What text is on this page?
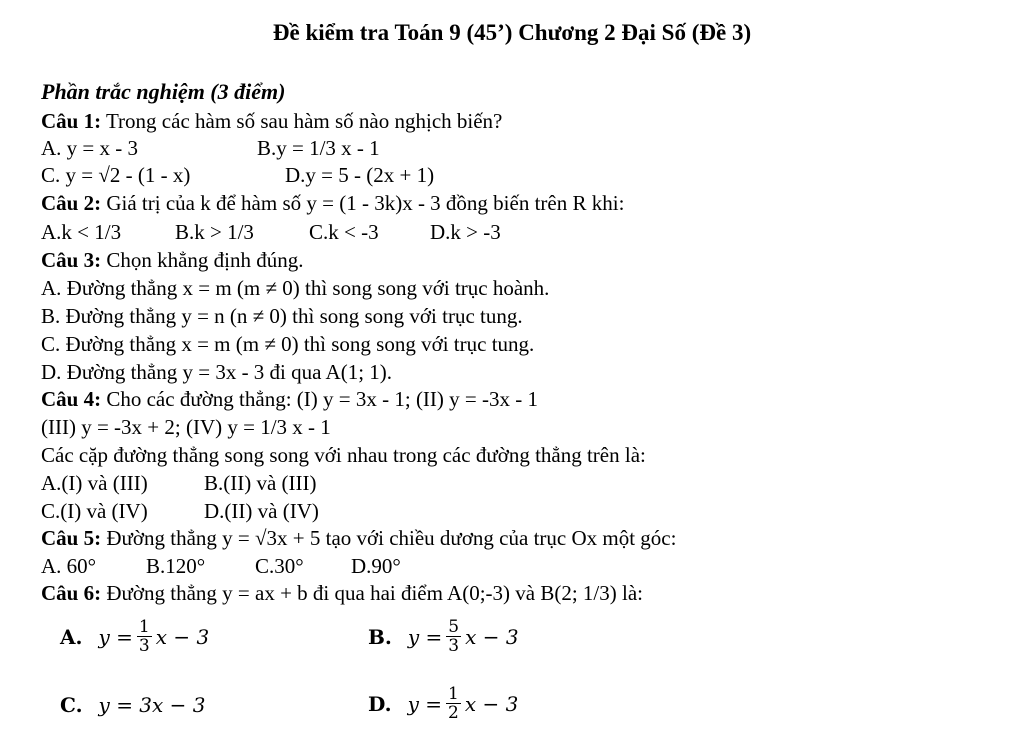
Đề kiểm tra Toán 9 (45’) Chương 2 Đại Số (Đề 3)
Phần trắc nghiệm (3 điểm)
Câu 1: Trong các hàm số sau hàm số nào nghịch biến?
A. y = x - 3	B.y = 1/3 x - 1
C. y = √2 - (1 - x)	D.y = 5 - (2x + 1)
Câu 2: Giá trị của k để hàm số y = (1 - 3k)x - 3 đồng biến trên R khi:
A.k < 1/3	B.k > 1/3	C.k < -3 D.k > -3
Câu 3: Chọn khẳng định đúng.
A. Đường thẳng x = m (m ≠ 0) thì song song với trục hoành.
B. Đường thẳng y = n (n ≠ 0) thì song song với trục tung.
C. Đường thẳng x = m (m ≠ 0) thì song song với trục tung.
D. Đường thẳng y = 3x - 3 đi qua A(1; 1).
Câu 4: Cho các đường thẳng: (I) y = 3x - 1; (II) y = -3x - 1
(III) y = -3x + 2; (IV) y = 1/3 x - 1
Các cặp đường thẳng song song với nhau trong các đường thẳng trên là:
A.(I) và (III)	B.(II) và (III)
C.(I) và (IV)	D.(II) và (IV)
Câu 5: Đường thẳng y = √3x + 5 tạo với chiều dương của trục Ox một góc:
A. 60° B.120° C.30° D.90°
Câu 6: Đường thẳng y = ax + b đi qua hai điểm A(0;-3) và B(2; 1/3) là:
A. $y = \frac{1}{3}$ x − 3	B. $y = \frac{5}{3}$ x − 3
C. y = 3x − 3	D. $y = \frac{1}{2}$ x − 3
